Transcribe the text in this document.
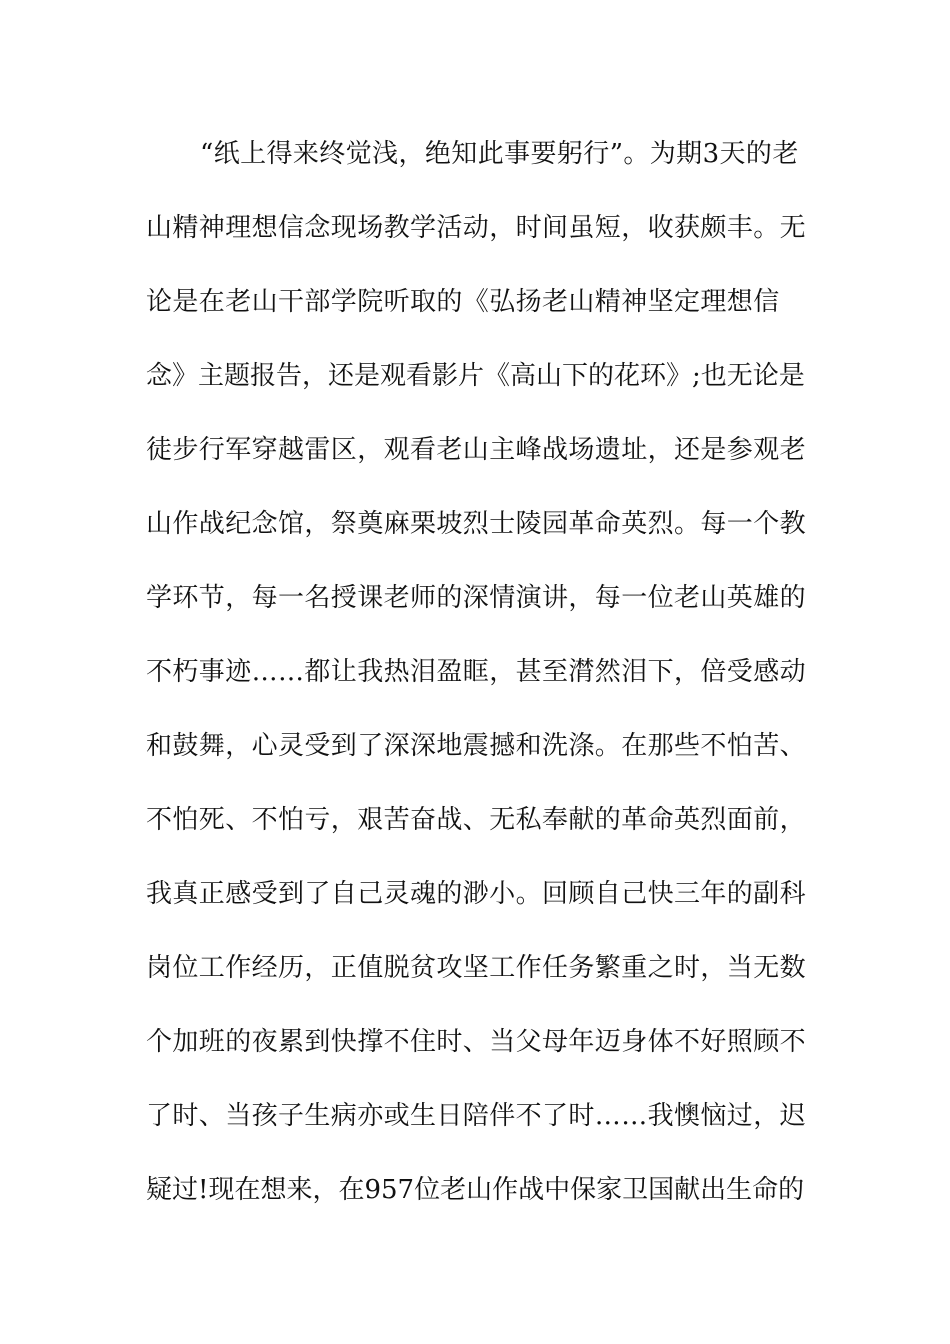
“纸上得来终觉浅，绝知此事要躬行”。为期3天的老
山精神理想信念现场教学活动，时间虽短，收获颇丰。无
论是在老山干部学院听取的《弘扬老山精神坚定理想信
念》主题报告，还是观看影片《高山下的花环》;也无论是
徒步行军穿越雷区，观看老山主峰战场遗址，还是参观老
山作战纪念馆，祭奠麻栗坡烈士陵园革命英烈。每一个教
学环节，每一名授课老师的深情演讲，每一位老山英雄的
不朽事迹……都让我热泪盈眶，甚至潸然泪下，倍受感动
和鼓舞，心灵受到了深深地震撼和洗涤。在那些不怕苦、
不怕死、不怕亏，艰苦奋战、无私奉献的革命英烈面前，
我真正感受到了自己灵魂的渺小。回顾自己快三年的副科
岗位工作经历，正值脱贫攻坚工作任务繁重之时，当无数
个加班的夜累到快撑不住时、当父母年迈身体不好照顾不
了时、当孩子生病亦或生日陪伴不了时……我懊恼过，迟
疑过!现在想来，在957位老山作战中保家卫国献出生命的
